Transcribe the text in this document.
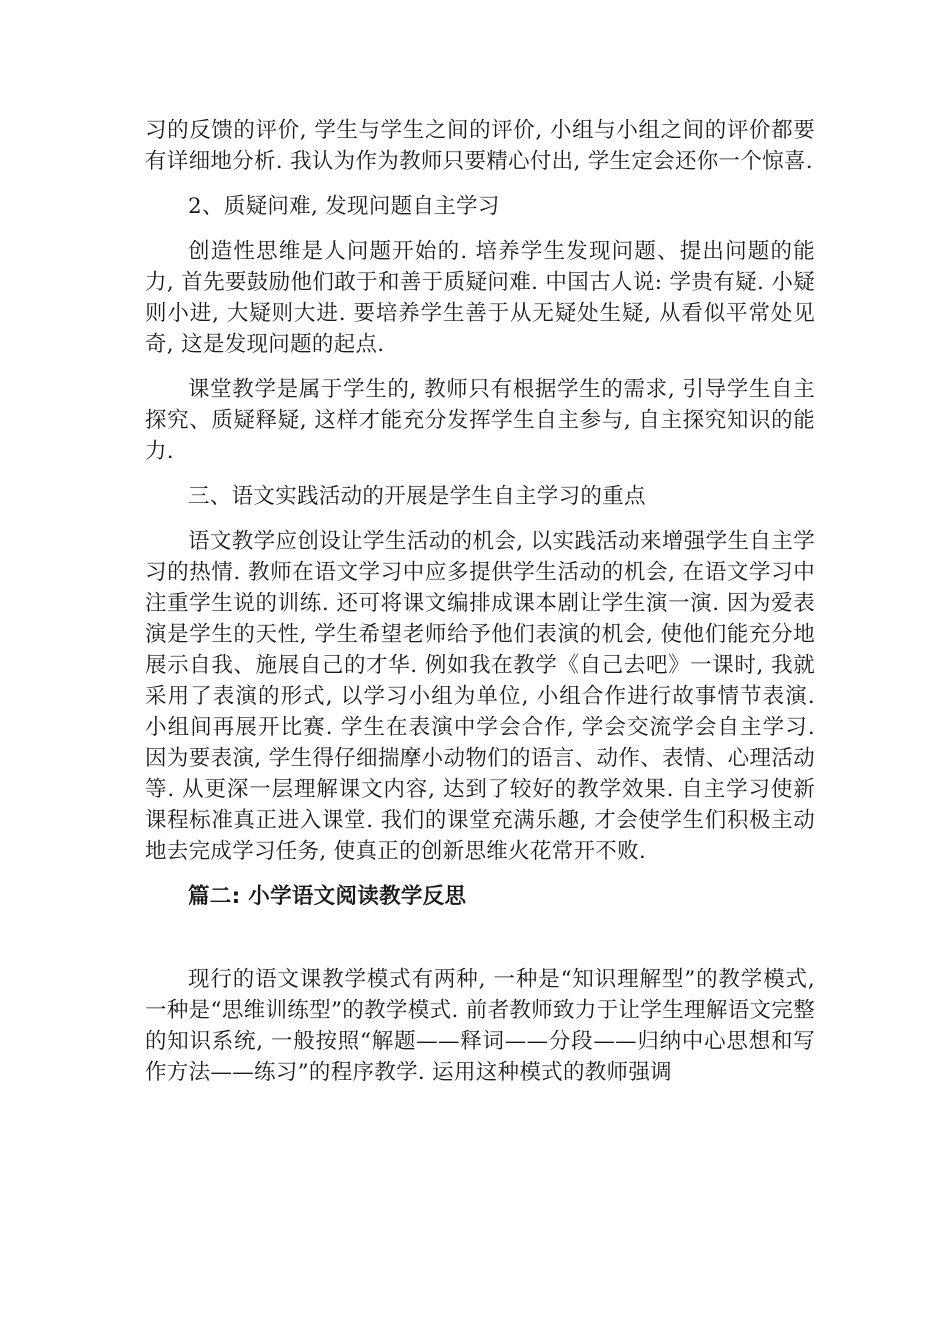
习的反馈的评价, 学生与学生之间的评价, 小组与小组之间的评价都要有详细地分析. 我认为作为教师只要精心付出, 学生定会还你一个惊喜.

2、质疑问难, 发现问题自主学习

创造性思维是人问题开始的. 培养学生发现问题、提出问题的能力, 首先要鼓励他们敢于和善于质疑问难. 中国古人说: 学贵有疑. 小疑则小进, 大疑则大进. 要培养学生善于从无疑处生疑, 从看似平常处见奇, 这是发现问题的起点.

课堂教学是属于学生的, 教师只有根据学生的需求, 引导学生自主探究、质疑释疑, 这样才能充分发挥学生自主参与, 自主探究知识的能力.

三、语文实践活动的开展是学生自主学习的重点

语文教学应创设让学生活动的机会, 以实践活动来增强学生自主学习的热情. 教师在语文学习中应多提供学生活动的机会, 在语文学习中注重学生说的训练. 还可将课文编排成课本剧让学生演一演. 因为爱表演是学生的天性, 学生希望老师给予他们表演的机会, 使他们能充分地展示自我、施展自己的才华. 例如我在教学《自己去吧》一课时, 我就采用了表演的形式, 以学习小组为单位, 小组合作进行故事情节表演. 小组间再展开比赛. 学生在表演中学会合作, 学会交流学会自主学习. 因为要表演, 学生得仔细揣摩小动物们的语言、动作、表情、心理活动等. 从更深一层理解课文内容, 达到了较好的教学效果. 自主学习使新课程标准真正进入课堂. 我们的课堂充满乐趣, 才会使学生们积极主动地去完成学习任务, 使真正的创新思维火花常开不败.

篇二: 小学语文阅读教学反思

现行的语文课教学模式有两种, 一种是“知识理解型”的教学模式, 一种是“思维训练型”的教学模式. 前者教师致力于让学生理解语文完整的知识系统, 一般按照“解题——释词——分段——归纳中心思想和写作方法——练习”的程序教学. 运用这种模式的教师强调
